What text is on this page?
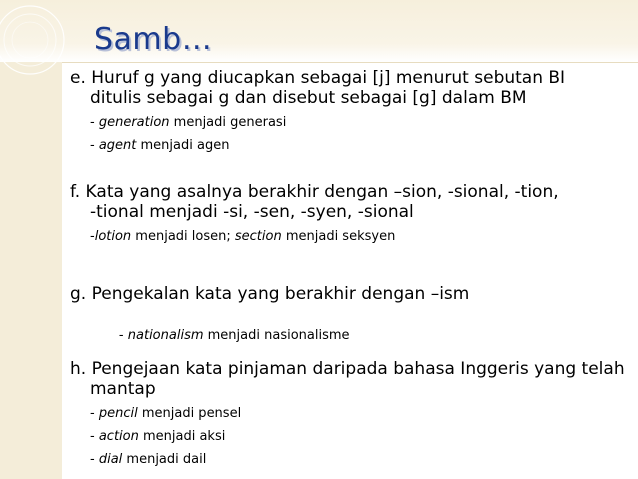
Samb…

e. Huruf g yang diucapkan sebagai [j] menurut sebutan BI
ditulis sebagai g dan disebut sebagai [g] dalam BM

- generation menjadi generasi

- agent menjadi agen

f. Kata yang asalnya berakhir dengan –sion, -sional, -tion,
-tional menjadi -si, -sen, -syen, -sional

-lotion menjadi losen; section menjadi seksyen

g. Pengekalan kata yang berakhir dengan –ism

- nationalism menjadi nasionalisme

h. Pengejaan kata pinjaman daripada bahasa Inggeris yang telah
mantap

- pencil menjadi pensel

- action menjadi aksi

- dial menjadi dail
